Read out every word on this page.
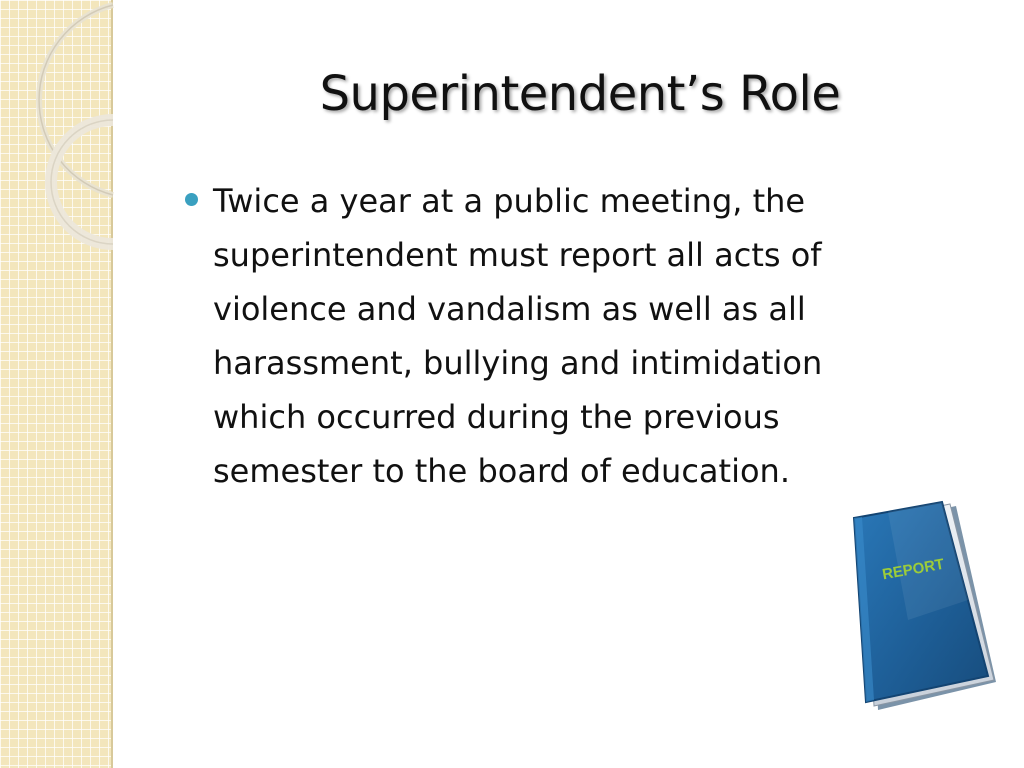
Superintendent’s Role
Twice a year at a public meeting, the
superintendent must report all acts of
violence and vandalism as well as all
harassment, bullying and intimidation
which occurred during the previous
semester to the board of education.
REPORT
